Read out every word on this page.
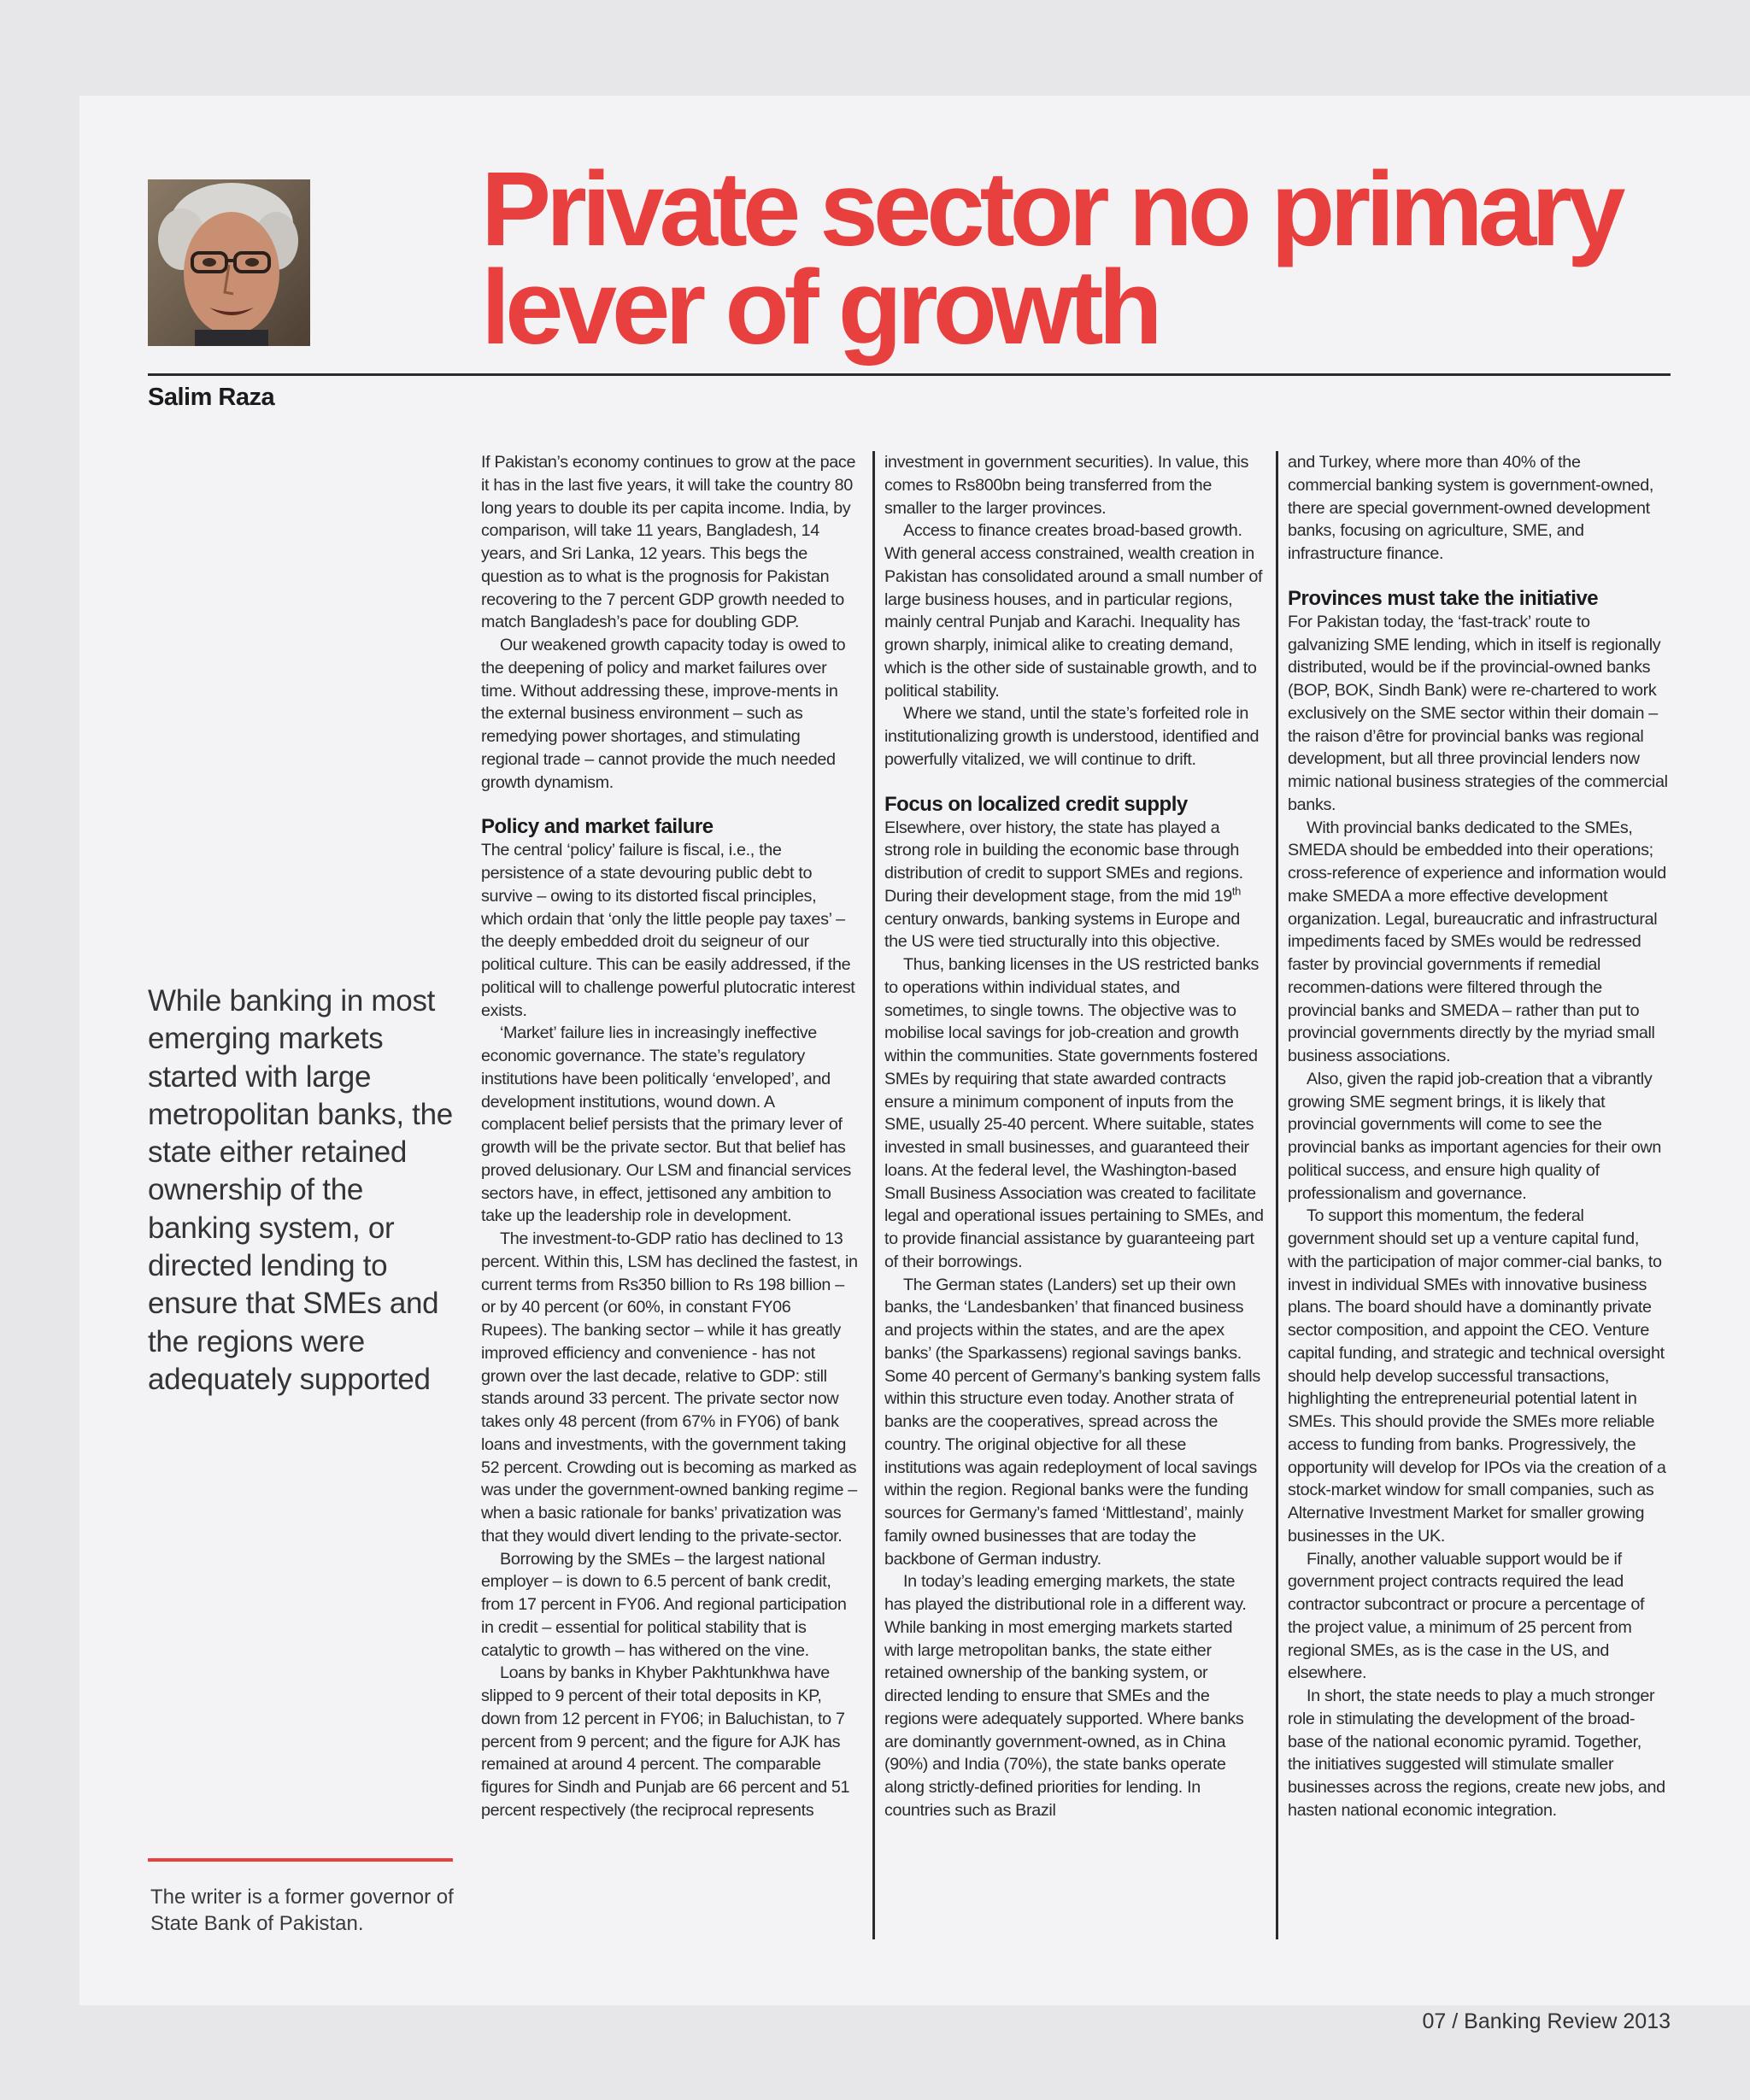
Private sector no primary lever of growth
Salim Raza
While banking in most emerging markets started with large metropolitan banks, the state either retained ownership of the banking system, or directed lending to ensure that SMEs and the regions were adequately supported
The writer is a former governor of State Bank of Pakistan.

If Pakistan’s economy continues to grow at the pace it has in the last five years, it will take the country 80 long years to double its per capita income. India, by comparison, will take 11 years, Bangladesh, 14 years, and Sri Lanka, 12 years. This begs the question as to what is the prognosis for Pakistan recovering to the 7 percent GDP growth needed to match Bangladesh’s pace for doubling GDP.

Our weakened growth capacity today is owed to the deepening of policy and market failures over time. Without addressing these, improve-ments in the external business environment – such as remedying power shortages, and stimulating regional trade – cannot provide the much needed growth dynamism.

Policy and market failure

The central ‘policy’ failure is fiscal, i.e., the persistence of a state devouring public debt to survive – owing to its distorted fiscal principles, which ordain that ‘only the little people pay taxes’ – the deeply embedded droit du seigneur of our political culture. This can be easily addressed, if the political will to challenge powerful plutocratic interest exists.

‘Market’ failure lies in increasingly ineffective economic governance. The state’s regulatory institutions have been politically ‘enveloped’, and development institutions, wound down. A complacent belief persists that the primary lever of growth will be the private sector. But that belief has proved delusionary. Our LSM and financial services sectors have, in effect, jettisoned any ambition to take up the leadership role in development.

The investment-to-GDP ratio has declined to 13 percent. Within this, LSM has declined the fastest, in current terms from Rs350 billion to Rs 198 billion – or by 40 percent (or 60%, in constant FY06 Rupees). The banking sector – while it has greatly improved efficiency and convenience - has not grown over the last decade, relative to GDP: still stands around 33 percent. The private sector now takes only 48 percent (from 67% in FY06) of bank loans and investments, with the government taking 52 percent. Crowding out is becoming as marked as was under the government-owned banking regime – when a basic rationale for banks’ privatization was that they would divert lending to the private-sector.

Borrowing by the SMEs – the largest national employer – is down to 6.5 percent of bank credit, from 17 percent in FY06. And regional participation in credit – essential for political stability that is catalytic to growth – has withered on the vine.

Loans by banks in Khyber Pakhtunkhwa have slipped to 9 percent of their total deposits in KP, down from 12 percent in FY06; in Baluchistan, to 7 percent from 9 percent; and the figure for AJK has remained at around 4 percent. The comparable figures for Sindh and Punjab are 66 percent and 51 percent respectively (the reciprocal represents

investment in government securities). In value, this comes to Rs800bn being transferred from the smaller to the larger provinces.

Access to finance creates broad-based growth. With general access constrained, wealth creation in Pakistan has consolidated around a small number of large business houses, and in particular regions, mainly central Punjab and Karachi. Inequality has grown sharply, inimical alike to creating demand, which is the other side of sustainable growth, and to political stability.

Where we stand, until the state’s forfeited role in institutionalizing growth is understood, identified and powerfully vitalized, we will continue to drift.

Focus on localized credit supply

Elsewhere, over history, the state has played a strong role in building the economic base through distribution of credit to support SMEs and regions. During their development stage, from the mid 19th century onwards, banking systems in Europe and the US were tied structurally into this objective.

Thus, banking licenses in the US restricted banks to operations within individual states, and sometimes, to single towns. The objective was to mobilise local savings for job-creation and growth within the communities. State governments fostered SMEs by requiring that state awarded contracts ensure a minimum component of inputs from the SME, usually 25-40 percent. Where suitable, states invested in small businesses, and guaranteed their loans. At the federal level, the Washington-based Small Business Association was created to facilitate legal and operational issues pertaining to SMEs, and to provide financial assistance by guaranteeing part of their borrowings.

The German states (Landers) set up their own banks, the ‘Landesbanken’ that financed business and projects within the states, and are the apex banks’ (the Sparkassens) regional savings banks. Some 40 percent of Germany’s banking system falls within this structure even today. Another strata of banks are the cooperatives, spread across the country. The original objective for all these institutions was again redeployment of local savings within the region. Regional banks were the funding sources for Germany’s famed ‘Mittlestand’, mainly family owned businesses that are today the backbone of German industry.

In today’s leading emerging markets, the state has played the distributional role in a different way. While banking in most emerging markets started with large metropolitan banks, the state either retained ownership of the banking system, or directed lending to ensure that SMEs and the regions were adequately supported. Where banks are dominantly government-owned, as in China (90%) and India (70%), the state banks operate along strictly-defined priorities for lending. In countries such as Brazil

and Turkey, where more than 40% of the commercial banking system is government-owned, there are special government-owned development banks, focusing on agriculture, SME, and infrastructure finance.

Provinces must take the initiative

For Pakistan today, the ‘fast-track’ route to galvanizing SME lending, which in itself is regionally distributed, would be if the provincial-owned banks (BOP, BOK, Sindh Bank) were re-chartered to work exclusively on the SME sector within their domain – the raison d’être for provincial banks was regional development, but all three provincial lenders now mimic national business strategies of the commercial banks.

With provincial banks dedicated to the SMEs, SMEDA should be embedded into their operations; cross-reference of experience and information would make SMEDA a more effective development organization. Legal, bureaucratic and infrastructural impediments faced by SMEs would be redressed faster by provincial governments if remedial recommen-dations were filtered through the provincial banks and SMEDA – rather than put to provincial governments directly by the myriad small business associations.

Also, given the rapid job-creation that a vibrantly growing SME segment brings, it is likely that provincial governments will come to see the provincial banks as important agencies for their own political success, and ensure high quality of professionalism and governance.

To support this momentum, the federal government should set up a venture capital fund, with the participation of major commer-cial banks, to invest in individual SMEs with innovative business plans. The board should have a dominantly private sector composition, and appoint the CEO. Venture capital funding, and strategic and technical oversight should help develop successful transactions, highlighting the entrepreneurial potential latent in SMEs. This should provide the SMEs more reliable access to funding from banks. Progressively, the opportunity will develop for IPOs via the creation of a stock-market window for small companies, such as Alternative Investment Market for smaller growing businesses in the UK.

Finally, another valuable support would be if government project contracts required the lead contractor subcontract or procure a percentage of the project value, a minimum of 25 percent from regional SMEs, as is the case in the US, and elsewhere.

In short, the state needs to play a much stronger role in stimulating the development of the broad-base of the national economic pyramid. Together, the initiatives suggested will stimulate smaller businesses across the regions, create new jobs, and hasten national economic integration.

07 / Banking Review 2013
